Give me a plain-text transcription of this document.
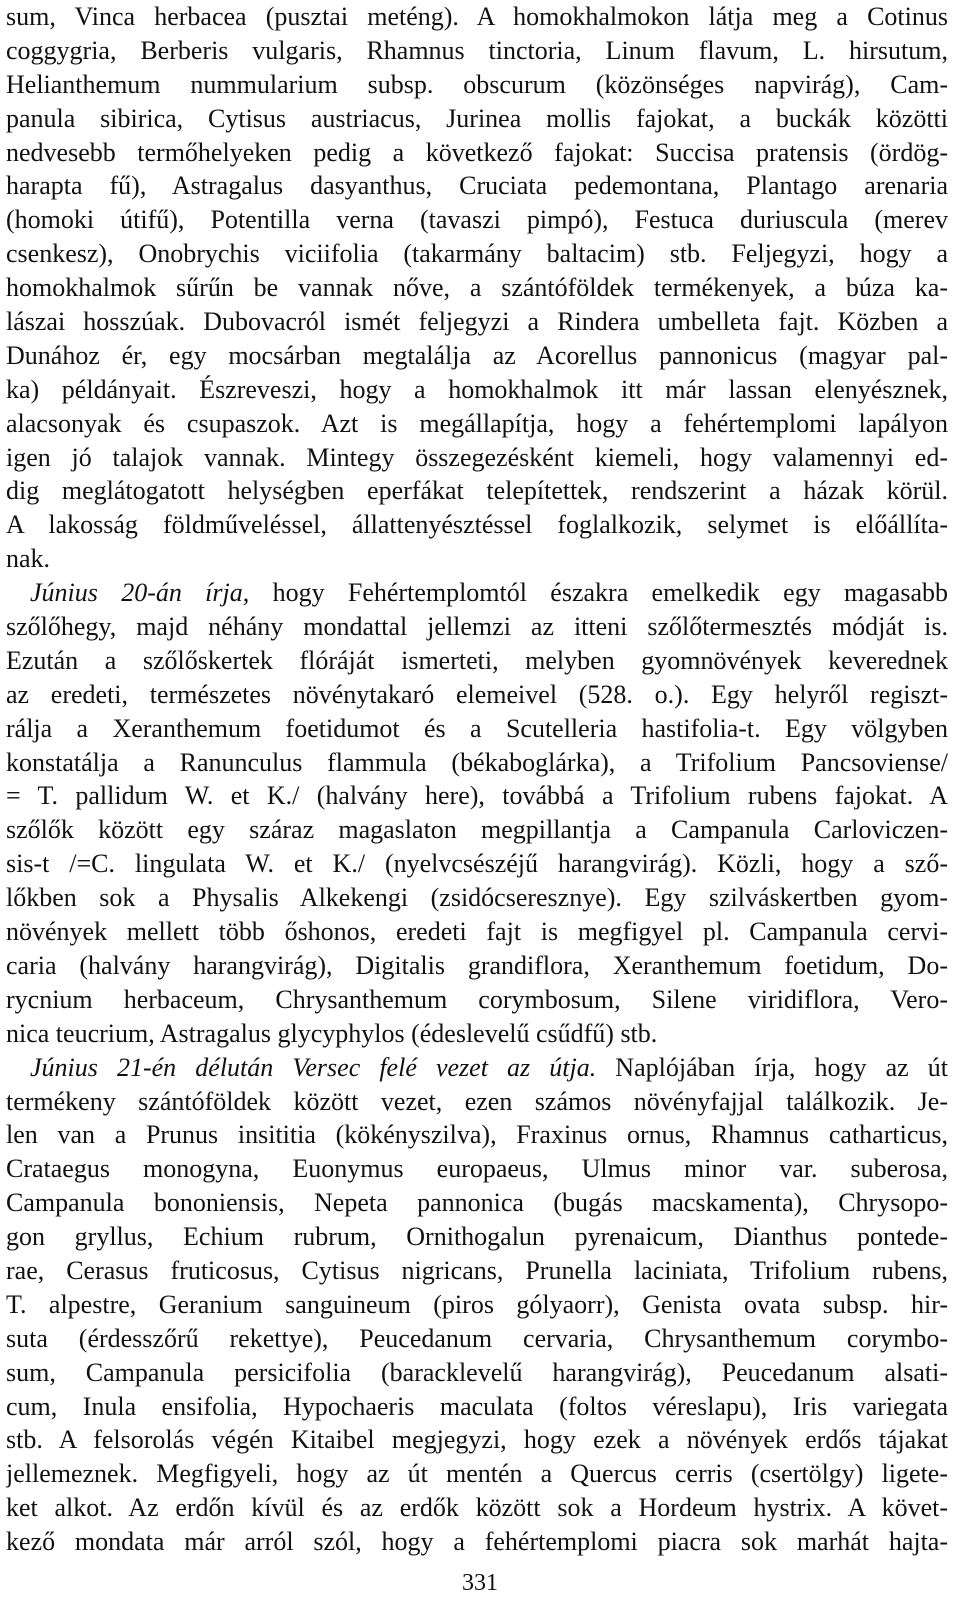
sum, Vinca herbacea (pusztai meténg). A homokhalmokon látja meg a Cotinus
coggygria, Berberis vulgaris, Rhamnus tinctoria, Linum flavum, L. hirsutum,
Helianthemum nummularium subsp. obscurum (közönséges napvirág), Cam-
panula sibirica, Cytisus austriacus, Jurinea mollis fajokat, a buckák közötti
nedvesebb termőhelyeken pedig a következő fajokat: Succisa pratensis (ördög-
harapta fű), Astragalus dasyanthus, Cruciata pedemontana, Plantago arenaria
(homoki útifű), Potentilla verna (tavaszi pimpó), Festuca duriuscula (merev
csenkesz), Onobrychis viciifolia (takarmány baltacim) stb. Feljegyzi, hogy a
homokhalmok sűrűn be vannak nőve, a szántóföldek termékenyek, a búza ka-
lászai hosszúak. Dubovacról ismét feljegyzi a Rindera umbelleta fajt. Közben a
Dunához ér, egy mocsárban megtalálja az Acorellus pannonicus (magyar pal-
ka) példányait. Észreveszi, hogy a homokhalmok itt már lassan elenyésznek,
alacsonyak és csupaszok. Azt is megállapítja, hogy a fehértemplomi lapályon
igen jó talajok vannak. Mintegy összegezésként kiemeli, hogy valamennyi ed-
dig meglátogatott helységben eperfákat telepítettek, rendszerint a házak körül.
A lakosság földműveléssel, állattenyésztéssel foglalkozik, selymet is előállíta-
nak.
Június 20-án írja, hogy Fehértemplomtól északra emelkedik egy magasabb
szőlőhegy, majd néhány mondattal jellemzi az itteni szőlőtermesztés módját is.
Ezután a szőlőskertek flóráját ismerteti, melyben gyomnövények keverednek
az eredeti, természetes növénytakaró elemeivel (528. o.). Egy helyről regiszt-
rálja a Xeranthemum foetidumot és a Scutelleria hastifolia-t. Egy völgyben
konstatálja a Ranunculus flammula (békaboglárka), a Trifolium Pancsoviense/
= T. pallidum W. et K./ (halvány here), továbbá a Trifolium rubens fajokat. A
szőlők között egy száraz magaslaton megpillantja a Campanula Carloviczen-
sis-t /=C. lingulata W. et K./ (nyelvcsészéjű harangvirág). Közli, hogy a sző-
lőkben sok a Physalis Alkekengi (zsidócseresznye). Egy szilváskertben gyom-
növények mellett több őshonos, eredeti fajt is megfigyel pl. Campanula cervi-
caria (halvány harangvirág), Digitalis grandiflora, Xeranthemum foetidum, Do-
rycnium herbaceum, Chrysanthemum corymbosum, Silene viridiflora, Vero-
nica teucrium, Astragalus glycyphylos (édeslevelű csűdfű) stb.
Június 21-én délután Versec felé vezet az útja. Naplójában írja, hogy az út
termékeny szántóföldek között vezet, ezen számos növényfajjal találkozik. Je-
len van a Prunus insititia (kökényszilva), Fraxinus ornus, Rhamnus catharticus,
Crataegus monogyna, Euonymus europaeus, Ulmus minor var. suberosa,
Campanula bononiensis, Nepeta pannonica (bugás macskamenta), Chrysopo-
gon gryllus, Echium rubrum, Ornithogalun pyrenaicum, Dianthus pontede-
rae, Cerasus fruticosus, Cytisus nigricans, Prunella laciniata, Trifolium rubens,
T. alpestre, Geranium sanguineum (piros gólyaorr), Genista ovata subsp. hir-
suta (érdesszőrű rekettye), Peucedanum cervaria, Chrysanthemum corymbo-
sum, Campanula persicifolia (baracklevelű harangvirág), Peucedanum alsati-
cum, Inula ensifolia, Hypochaeris maculata (foltos véreslapu), Iris variegata
stb. A felsorolás végén Kitaibel megjegyzi, hogy ezek a növények erdős tájakat
jellemeznek. Megfigyeli, hogy az út mentén a Quercus cerris (csertölgy) ligete-
ket alkot. Az erdőn kívül és az erdők között sok a Hordeum hystrix. A követ-
kező mondata már arról szól, hogy a fehértemplomi piacra sok marhát hajta-
331
